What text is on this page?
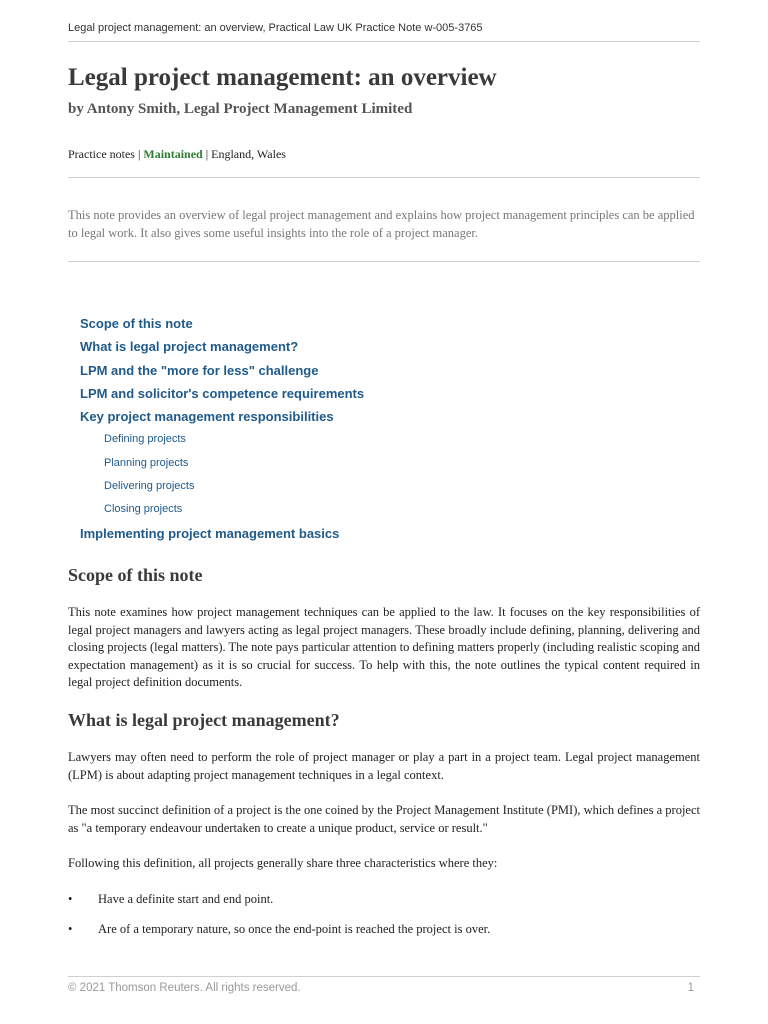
Legal project management: an overview, Practical Law UK Practice Note w-005-3765
Legal project management: an overview
by Antony Smith, Legal Project Management Limited
Practice notes | Maintained | England, Wales

This note provides an overview of legal project management and explains how project management principles can be applied to legal work. It also gives some useful insights into the role of a project manager.

Scope of this note
What is legal project management?
LPM and the "more for less" challenge
LPM and solicitor's competence requirements
Key project management responsibilities
Defining projects
Planning projects
Delivering projects
Closing projects
Implementing project management basics
Scope of this note

This note examines how project management techniques can be applied to the law. It focuses on the key responsibilities of legal project managers and lawyers acting as legal project managers. These broadly include defining, planning, delivering and closing projects (legal matters). The note pays particular attention to defining matters properly (including realistic scoping and expectation management) as it is so crucial for success. To help with this, the note outlines the typical content required in legal project definition documents.

What is legal project management?

Lawyers may often need to perform the role of project manager or play a part in a project team. Legal project management (LPM) is about adapting project management techniques in a legal context.

The most succinct definition of a project is the one coined by the Project Management Institute (PMI), which defines a project as "a temporary endeavour undertaken to create a unique product, service or result."

Following this definition, all projects generally share three characteristics where they:

•	Have a definite start and end point.
•	Are of a temporary nature, so once the end-point is reached the project is over.
© 2021 Thomson Reuters. All rights reserved.	1
